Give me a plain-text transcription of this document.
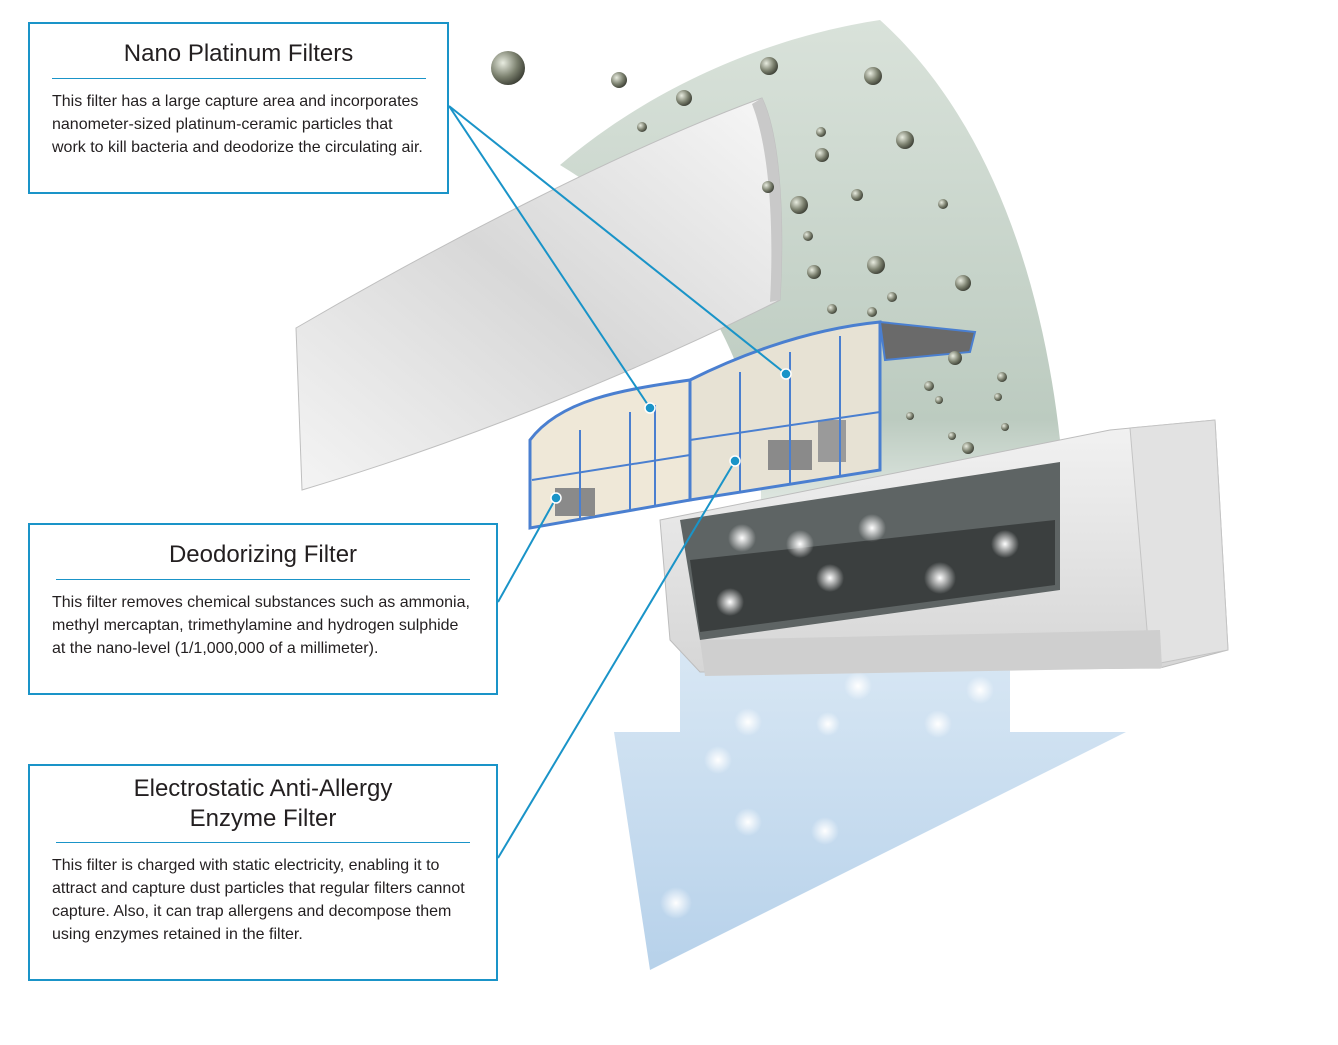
Nano Platinum Filters

This filter has a large capture area and incorporates nanometer-sized platinum-ceramic particles that work to kill bacteria and deodorize the circulating air.

Deodorizing Filter

This filter removes chemical substances such as ammonia, methyl mercaptan, trimethylamine and hydrogen sulphide at the nano-level (1/1,000,000 of a millimeter).

Electrostatic Anti-Allergy
Enzyme Filter

This filter is charged with static electricity, enabling it to attract and capture dust particles that regular filters cannot capture. Also, it can trap allergens and decompose them using enzymes retained in the filter.
